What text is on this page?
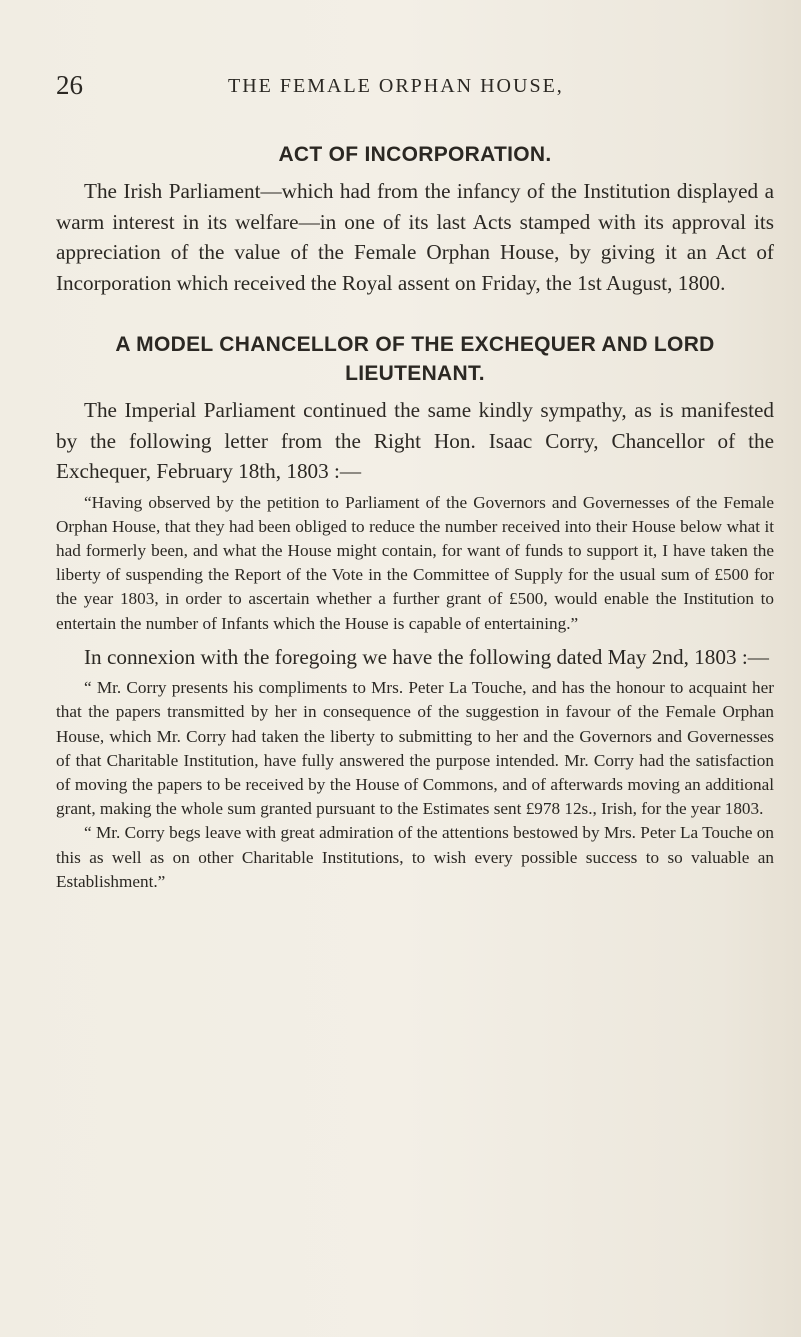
26	THE FEMALE ORPHAN HOUSE,
ACT OF INCORPORATION.

The Irish Parliament—which had from the infancy of the Institution displayed a warm interest in its welfare—in one of its last Acts stamped with its approval its appreciation of the value of the Female Orphan House, by giving it an Act of Incorporation which received the Royal assent on Friday, the 1st August, 1800.

A MODEL CHANCELLOR OF THE EXCHEQUER AND LORD LIEUTENANT.

The Imperial Parliament continued the same kindly sympathy, as is manifested by the following letter from the Right Hon. Isaac Corry, Chancellor of the Exchequer, February 18th, 1803 :—

“Having observed by the petition to Parliament of the Governors and Governesses of the Female Orphan House, that they had been obliged to reduce the number received into their House below what it had formerly been, and what the House might contain, for want of funds to support it, I have taken the liberty of suspending the Report of the Vote in the Committee of Supply for the usual sum of £500 for the year 1803, in order to ascertain whether a further grant of £500, would enable the Institution to entertain the number of Infants which the House is capable of entertaining.”

In connexion with the foregoing we have the following dated May 2nd, 1803 :—

“ Mr. Corry presents his compliments to Mrs. Peter La Touche, and has the honour to acquaint her that the papers transmitted by her in consequence of the suggestion in favour of the Female Orphan House, which Mr. Corry had taken the liberty to submitting to her and the Governors and Governesses of that Charitable Institution, have fully answered the purpose intended. Mr. Corry had the satisfaction of moving the papers to be received by the House of Commons, and of afterwards moving an additional grant, making the whole sum granted pursuant to the Estimates sent £978 12s., Irish, for the year 1803.

“ Mr. Corry begs leave with great admiration of the attentions bestowed by Mrs. Peter La Touche on this as well as on other Charitable Institutions, to wish every possible success to so valuable an Establishment.”
